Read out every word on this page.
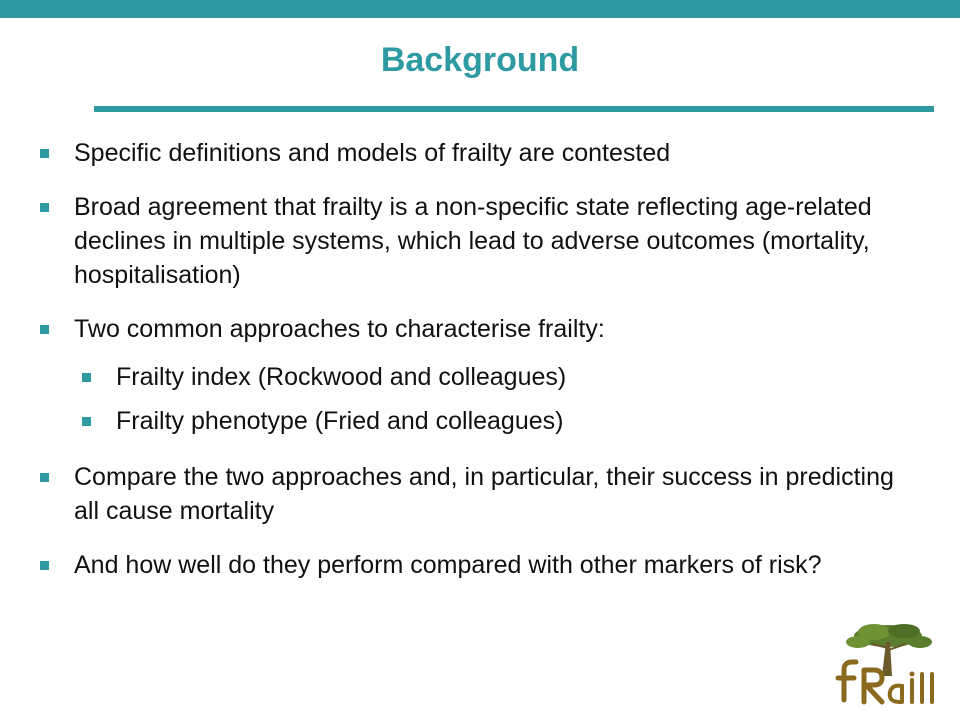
Background
Specific definitions and models of frailty are contested
Broad agreement that frailty is a non-specific state reflecting age-related declines in multiple systems, which lead to adverse outcomes (mortality, hospitalisation)
Two common approaches to characterise frailty:
Frailty index (Rockwood and colleagues)
Frailty phenotype (Fried and colleagues)
Compare the two approaches and, in particular, their success in predicting all cause mortality
And how well do they perform compared with other markers of risk?
